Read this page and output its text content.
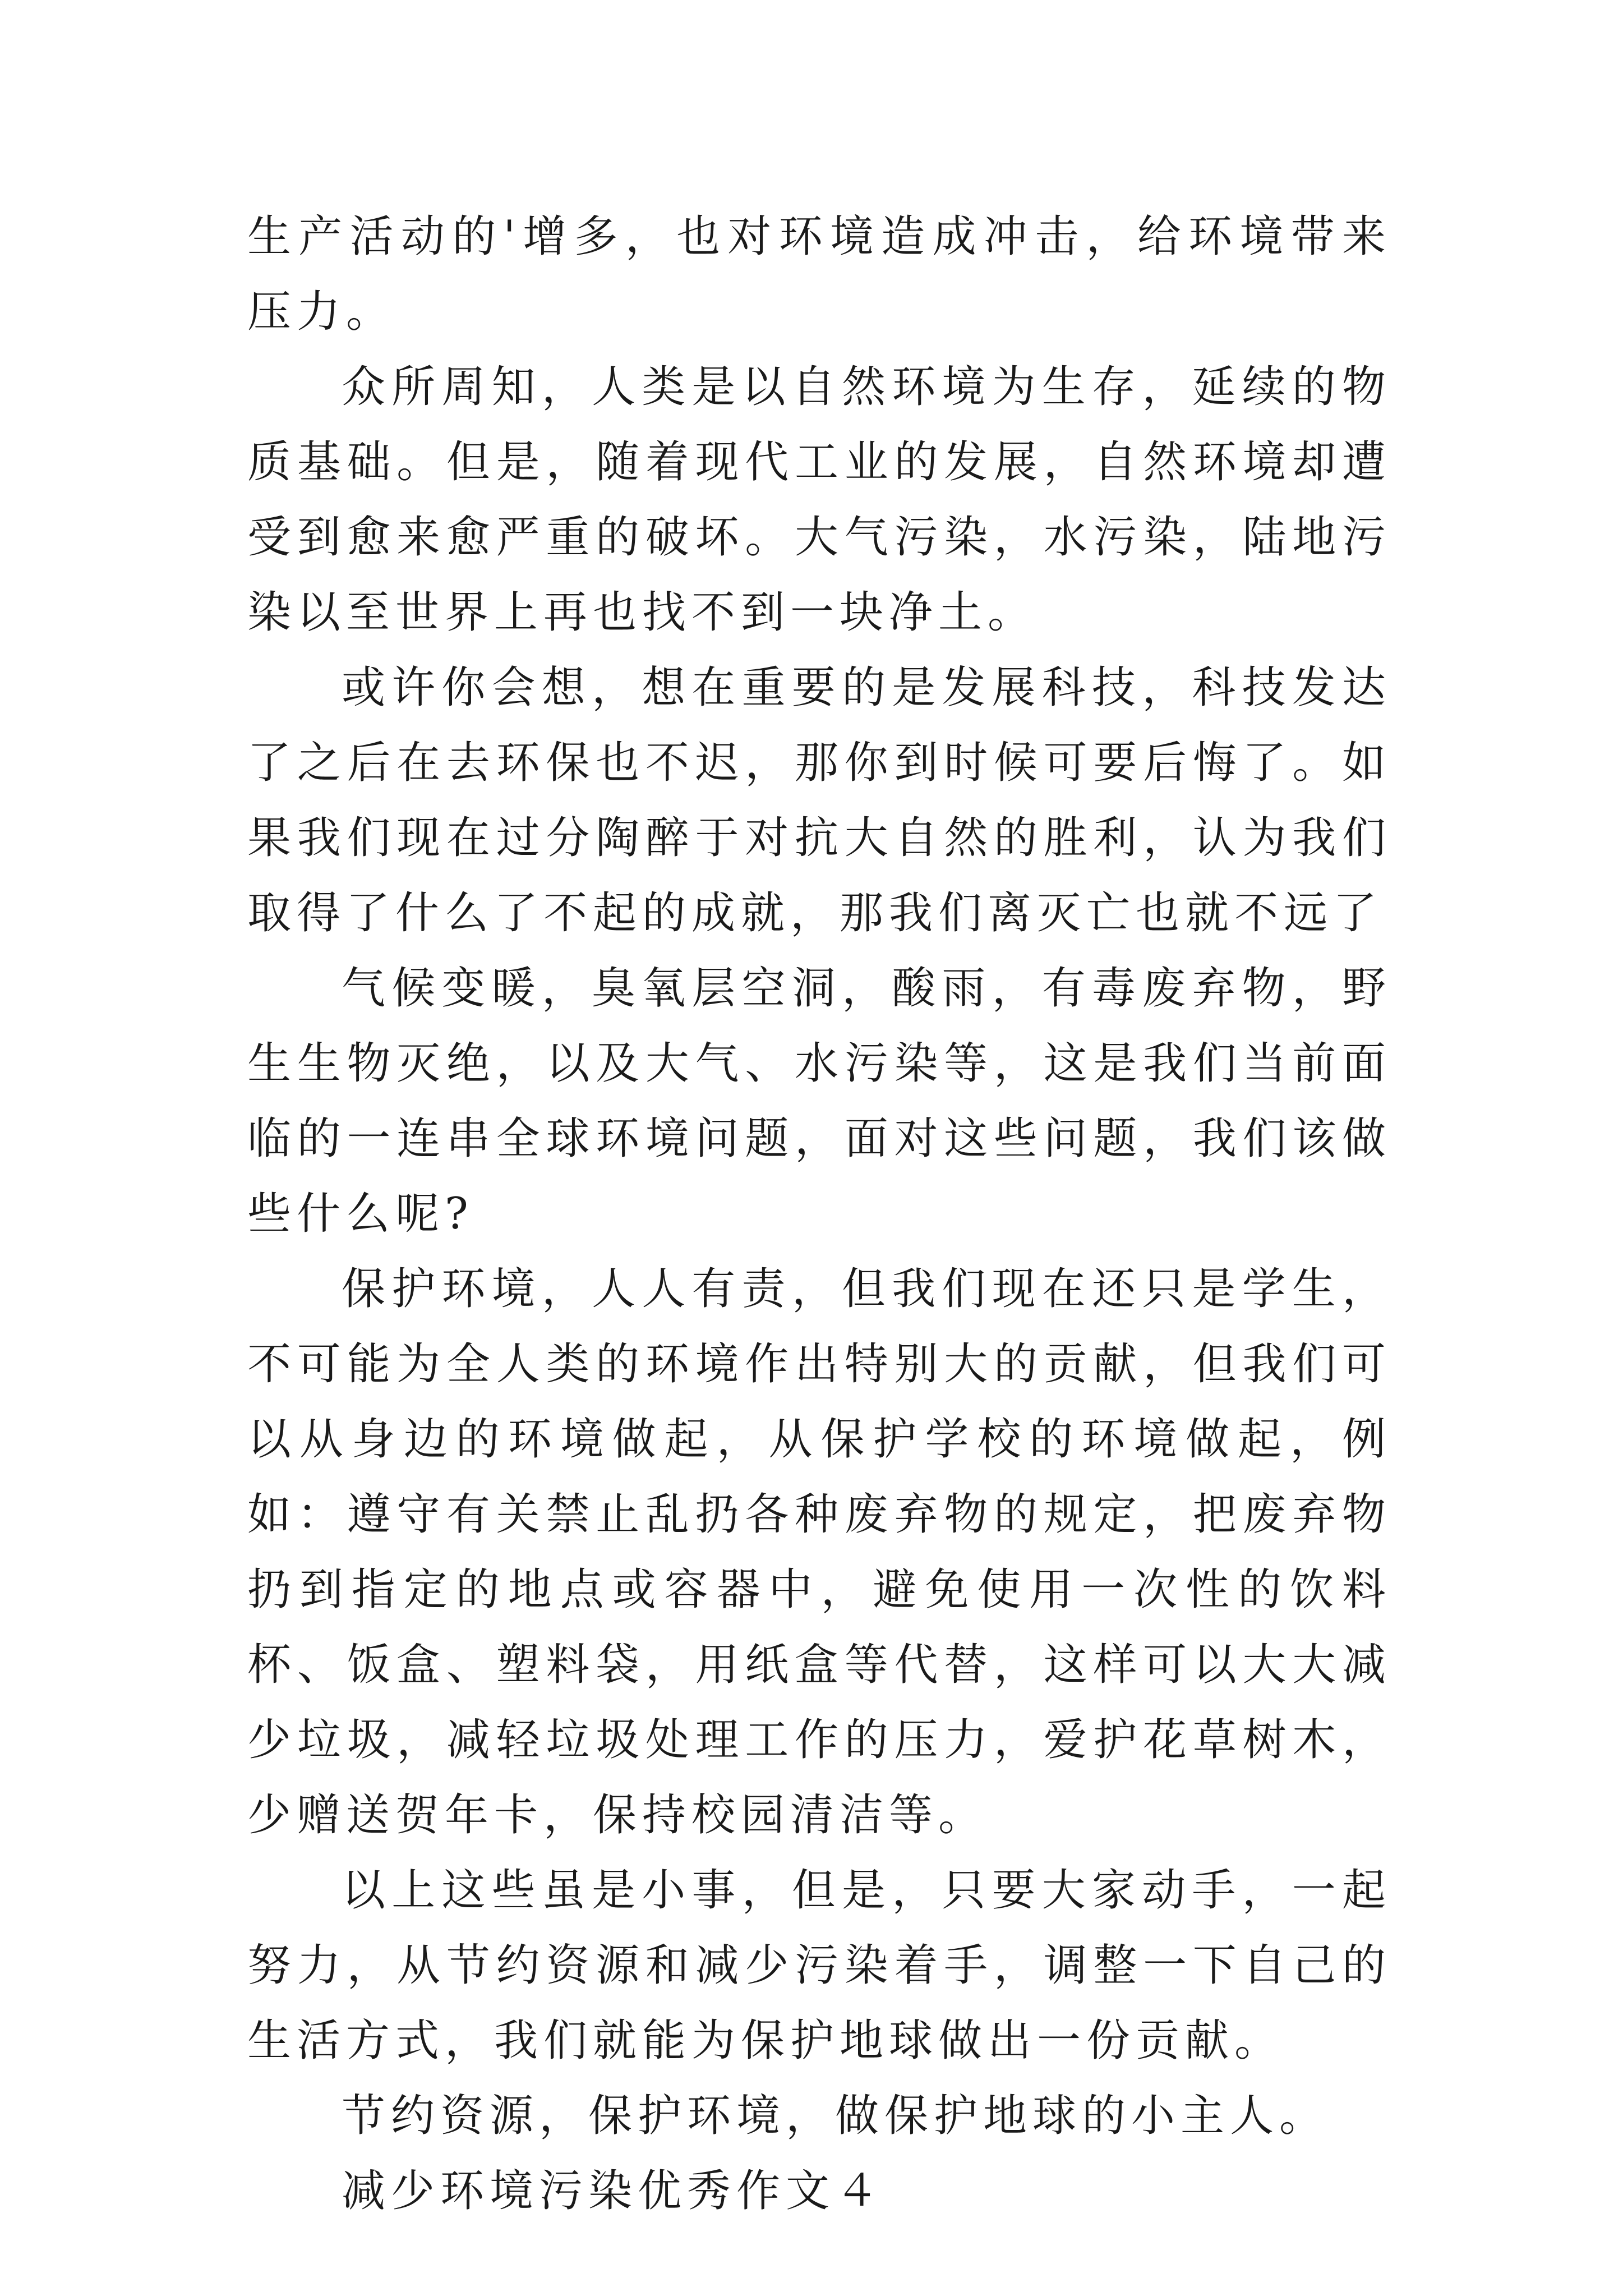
生产活动的'增多，也对环境造成冲击，给环境带来压力。

众所周知，人类是以自然环境为生存，延续的物质基础。但是，随着现代工业的发展，自然环境却遭受到愈来愈严重的破坏。大气污染，水污染，陆地污染以至世界上再也找不到一块净土。

或许你会想，想在重要的是发展科技，科技发达了之后在去环保也不迟，那你到时候可要后悔了。如果我们现在过分陶醉于对抗大自然的胜利，认为我们取得了什么了不起的成就，那我们离灭亡也就不远了

气候变暖，臭氧层空洞，酸雨，有毒废弃物，野生生物灭绝，以及大气、水污染等，这是我们当前面临的一连串全球环境问题，面对这些问题，我们该做些什么呢?

保护环境，人人有责，但我们现在还只是学生，不可能为全人类的环境作出特别大的贡献，但我们可以从身边的环境做起，从保护学校的环境做起，例如：遵守有关禁止乱扔各种废弃物的规定，把废弃物扔到指定的地点或容器中，避免使用一次性的饮料杯、饭盒、塑料袋，用纸盒等代替，这样可以大大减少垃圾，减轻垃圾处理工作的压力，爱护花草树木，少赠送贺年卡，保持校园清洁等。

以上这些虽是小事，但是，只要大家动手，一起努力，从节约资源和减少污染着手，调整一下自己的生活方式，我们就能为保护地球做出一份贡献。

节约资源，保护环境，做保护地球的小主人。

减少环境污染优秀作文４
